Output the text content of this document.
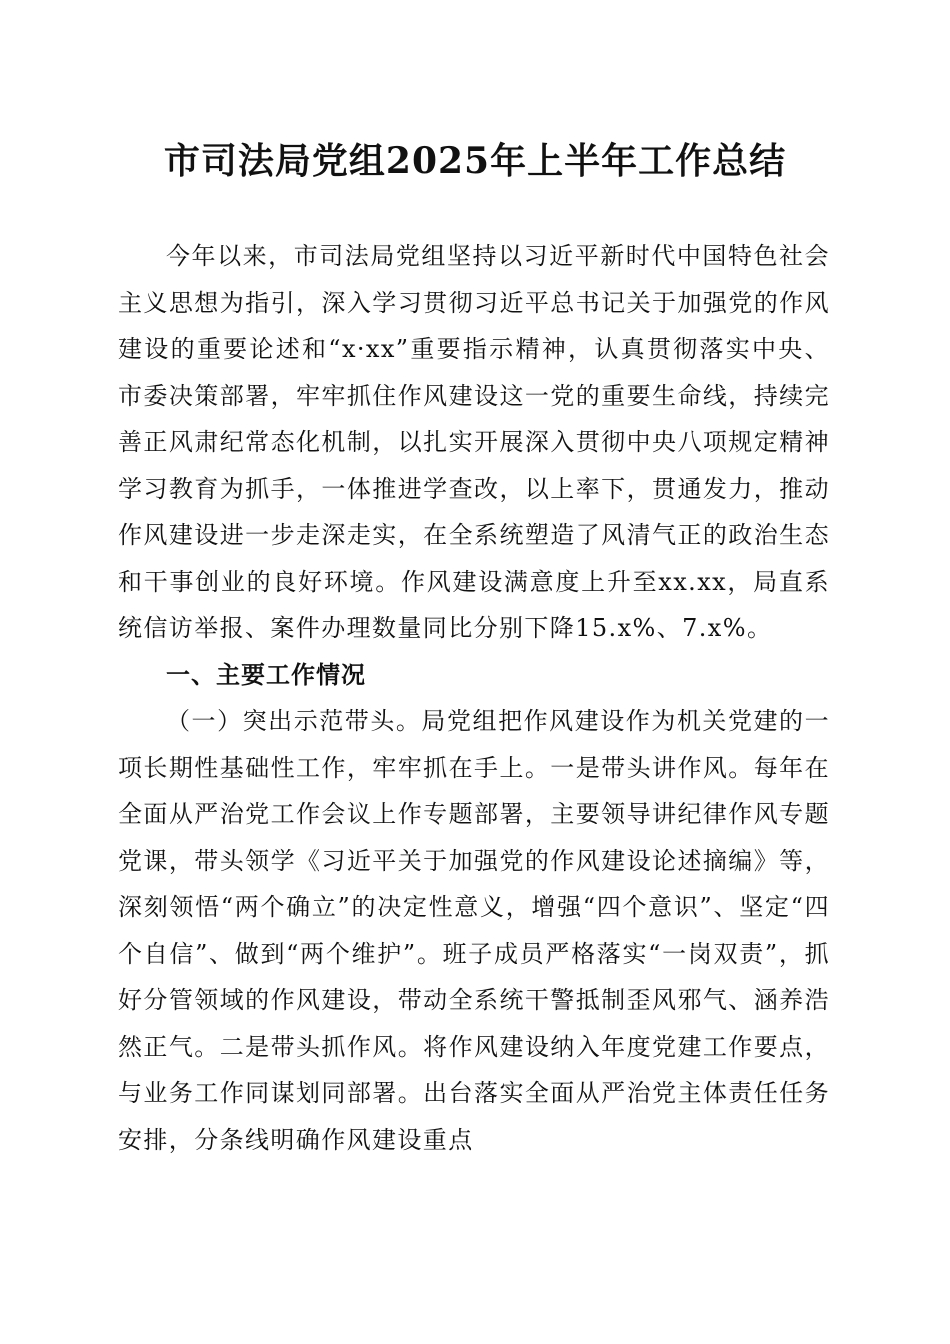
市司法局党组2025年上半年工作总结

今年以来，市司法局党组坚持以习近平新时代中国特色社会主义思想为指引，深入学习贯彻习近平总书记关于加强党的作风建设的重要论述和“x·xx”重要指示精神，认真贯彻落实中央、市委决策部署，牢牢抓住作风建设这一党的重要生命线，持续完善正风肃纪常态化机制，以扎实开展深入贯彻中央八项规定精神学习教育为抓手，一体推进学查改，以上率下，贯通发力，推动作风建设进一步走深走实，在全系统塑造了风清气正的政治生态和干事创业的良好环境。作风建设满意度上升至xx.xx，局直系统信访举报、案件办理数量同比分别下降15.x%、7.x%。

一、主要工作情况

（一）突出示范带头。局党组把作风建设作为机关党建的一项长期性基础性工作，牢牢抓在手上。一是带头讲作风。每年在全面从严治党工作会议上作专题部署，主要领导讲纪律作风专题党课，带头领学《习近平关于加强党的作风建设论述摘编》等，深刻领悟“两个确立”的决定性意义，增强“四个意识”、坚定“四个自信”、做到“两个维护”。班子成员严格落实“一岗双责”，抓好分管领域的作风建设，带动全系统干警抵制歪风邪气、涵养浩然正气。二是带头抓作风。将作风建设纳入年度党建工作要点，与业务工作同谋划同部署。出台落实全面从严治党主体责任任务安排，分条线明确作风建设重点
